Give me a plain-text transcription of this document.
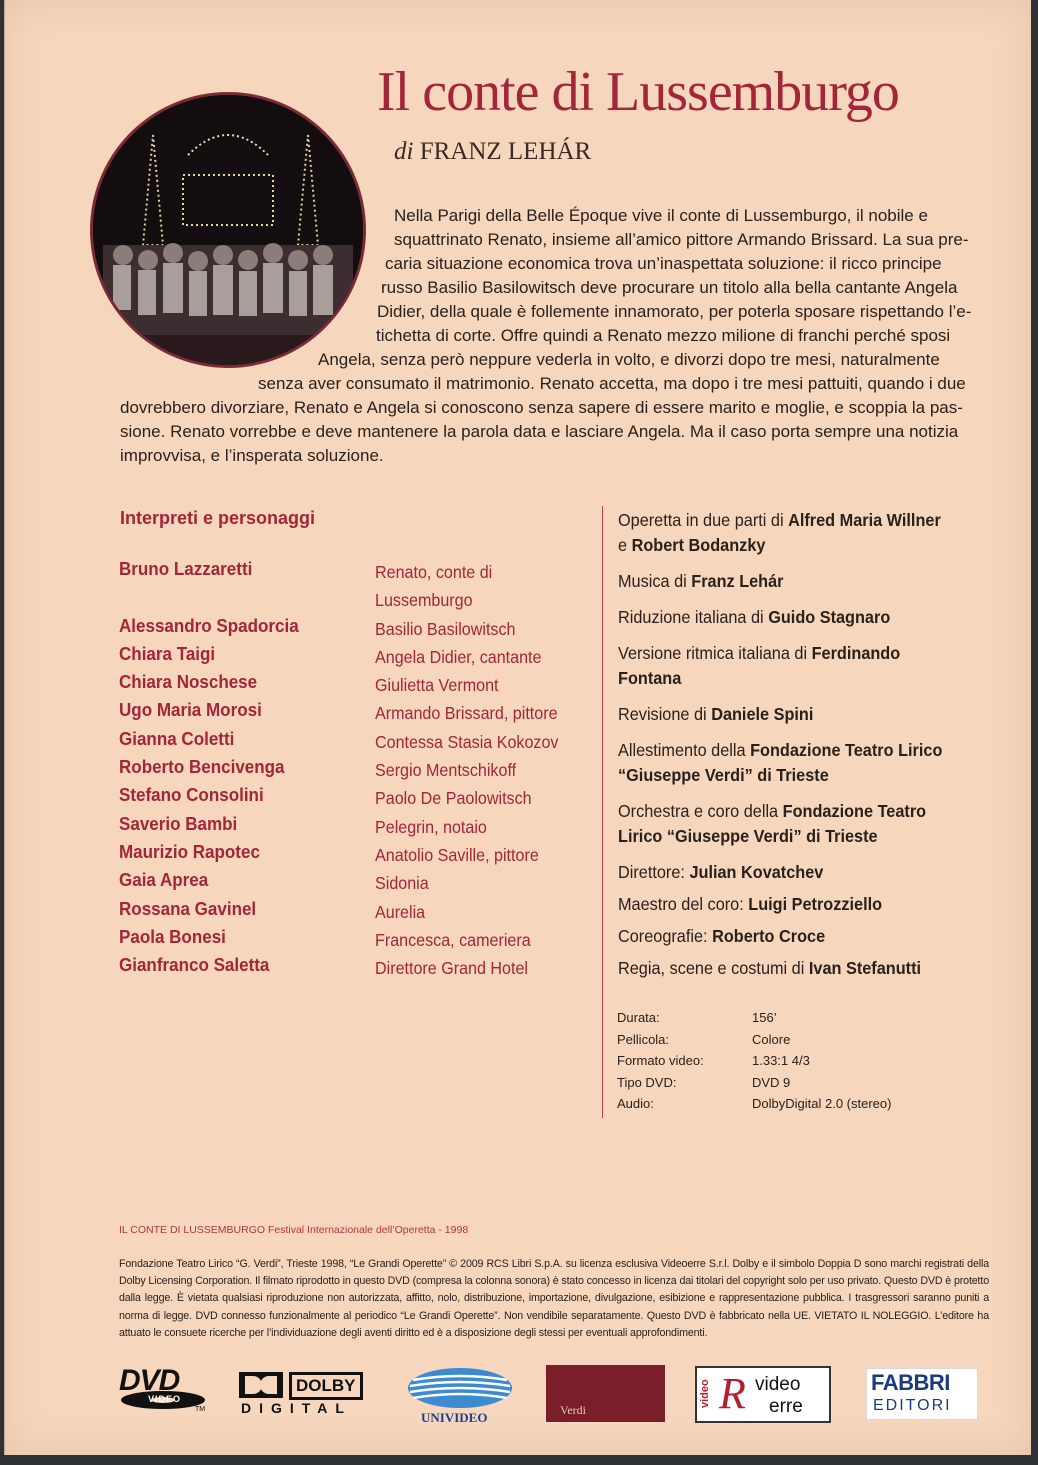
Il conte di Lussemburgo
di FRANZ LEHÁR
Nella Parigi della Belle Époque vive il conte di Lussemburgo, il nobile e
squattrinato Renato, insieme all’amico pittore Armando Brissard. La sua pre-
caria situazione economica trova un’inaspettata soluzione: il ricco principe
russo Basilio Basilowitsch deve procurare un titolo alla bella cantante Angela
Didier, della quale è follemente innamorato, per poterla sposare rispettando l’e-
tichetta di corte. Offre quindi a Renato mezzo milione di franchi perché sposi
Angela, senza però neppure vederla in volto, e divorzi dopo tre mesi, naturalmente
senza aver consumato il matrimonio. Renato accetta, ma dopo i tre mesi pattuiti, quando i due
dovrebbero divorziare, Renato e Angela si conoscono senza sapere di essere marito e moglie, e scoppia la pas-
sione. Renato vorrebbe e deve mantenere la parola data e lasciare Angela. Ma il caso porta sempre una notizia
improvvisa, e l’insperata soluzione.
Interpreti e personaggi
Bruno Lazzaretti	Renato, conte di Lussemburgo
Alessandro Spadorcia	Basilio Basilowitsch
Chiara Taigi	Angela Didier, cantante
Chiara Noschese	Giulietta Vermont
Ugo Maria Morosi	Armando Brissard, pittore
Gianna Coletti	Contessa Stasia Kokozov
Roberto Bencivenga	Sergio Mentschikoff
Stefano Consolini	Paolo De Paolowitsch
Saverio Bambi	Pelegrin, notaio
Maurizio Rapotec	Anatolio Saville, pittore
Gaia Aprea	Sidonia
Rossana Gavinel	Aurelia
Paola Bonesi	Francesca, cameriera
Gianfranco Saletta	Direttore Grand Hotel
Operetta in due parti di Alfred Maria Willner
e Robert Bodanzky
Musica di Franz Lehár
Riduzione italiana di Guido Stagnaro
Versione ritmica italiana di Ferdinando Fontana
Revisione di Daniele Spini
Allestimento della Fondazione Teatro Lirico “Giuseppe Verdi” di Trieste
Orchestra e coro della Fondazione Teatro Lirico “Giuseppe Verdi” di Trieste
Direttore: Julian Kovatchev
Maestro del coro: Luigi Petrozziello
Coreografie: Roberto Croce
Regia, scene e costumi di Ivan Stefanutti
Durata:	156’
Pellicola:	Colore
Formato video:	1.33:1 4/3
Tipo DVD:	DVD 9
Audio:	DolbyDigital 2.0 (stereo)
IL CONTE DI LUSSEMBURGO Festival Internazionale dell’Operetta - 1998
Fondazione Teatro Lirico “G. Verdi”, Trieste 1998, “Le Grandi Operette” © 2009 RCS Libri S.p.A. su licenza esclusiva Videoerre S.r.l. Dolby e il simbolo Doppia D sono marchi registrati della Dolby Licensing Corporation. Il filmato riprodotto in questo DVD (compresa la colonna sonora) è stato concesso in licenza dai titolari del copyright solo per uso privato. Questo DVD è protetto dalla legge. È vietata qualsiasi riproduzione non autorizzata, affitto, nolo, distribuzione, importazione, divulgazione, esibizione e rappresentazione pubblica. I trasgressori saranno puniti a norma di legge. DVD connesso funzionalmente al periodico “Le Grandi Operette”. Non vendibile separatamente. Questo DVD è fabbricato nella UE. VIETATO IL NOLEGGIO. L’editore ha attuato le consuete ricerche per l’individuazione degli aventi diritto ed è a disposizione degli stessi per eventuali approfondimenti.
DVD
VIDEO
TM
DOLBY
DIGITAL
UNIVIDEO	Verdi
video R video
erre
FABBRI
EDITORI
